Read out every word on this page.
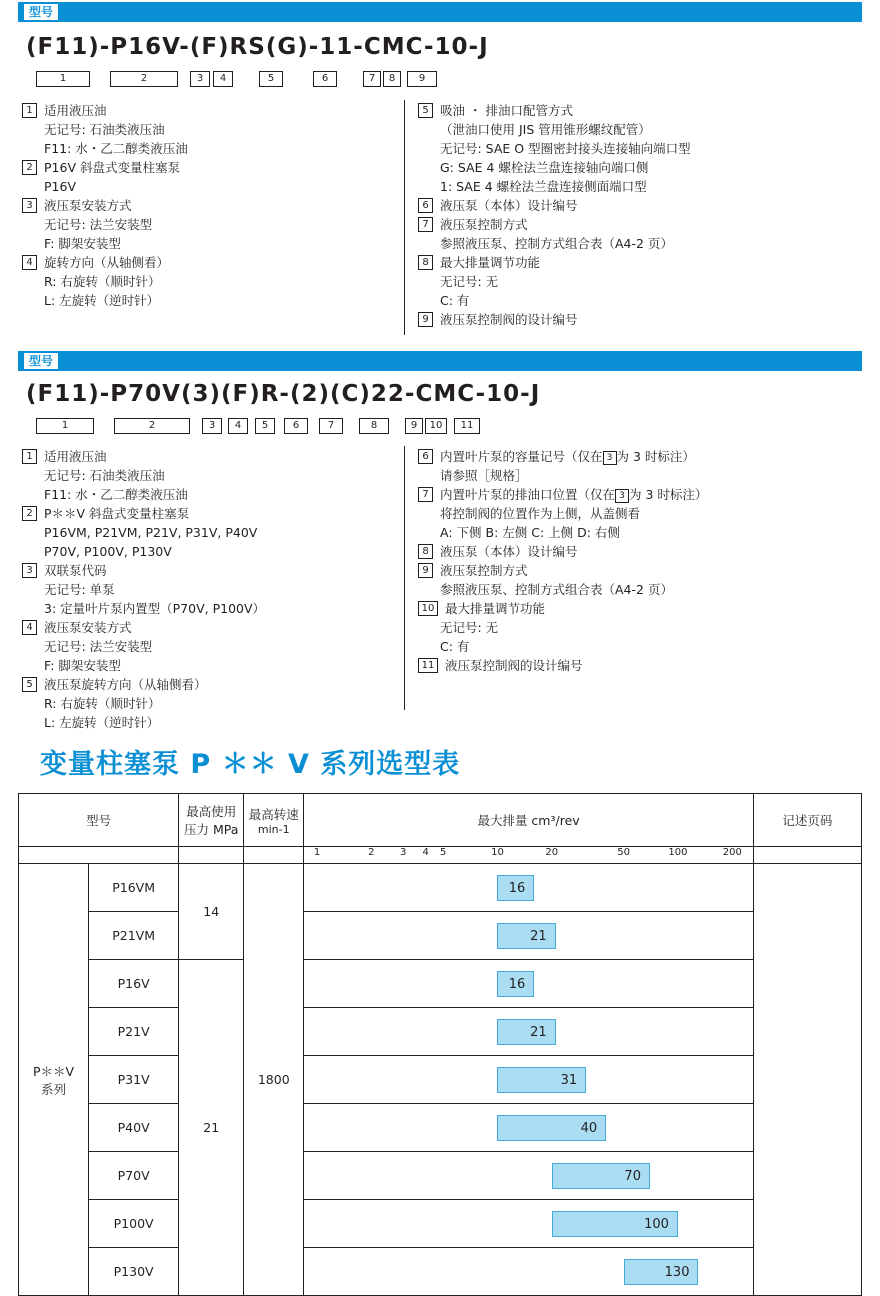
型号
(F11)-P16V-(F)RS(G)-11-CMC-10-J
1	2	3	4	5	6	7	8	9
1 适用液压油
无记号: 石油类液压油
F11: 水・乙二醇类液压油
2 P16V 斜盘式变量柱塞泵
P16V
3 液压泵安装方式
无记号: 法兰安装型
F: 脚架安装型
4 旋转方向（从轴侧看）
R: 右旋转（顺时针）
L: 左旋转（逆时针）
5 吸油 ・ 排油口配管方式
（泄油口使用 JIS 管用锥形螺纹配管）
无记号: SAE O 型圈密封接头连接轴向端口型
G: SAE 4 螺栓法兰盘连接轴向端口侧
1: SAE 4 螺栓法兰盘连接侧面端口型
6 液压泵（本体）设计编号
7 液压泵控制方式
参照液压泵、控制方式组合表（A4-2 页）
8 最大排量调节功能
无记号: 无
C: 有
9 液压泵控制阀的设计编号
型号
(F11)-P70V(3)(F)R-(2)(C)22-CMC-10-J
1	2	3	4	5	6	7	8	9	10	11
1 适用液压油
无记号: 石油类液压油
F11: 水・乙二醇类液压油
2 P＊＊V 斜盘式变量柱塞泵
P16VM, P21VM, P21V, P31V, P40V
P70V, P100V, P130V
3 双联泵代码
无记号: 单泵
3: 定量叶片泵内置型（P70V, P100V）
4 液压泵安装方式
无记号: 法兰安装型
F: 脚架安装型
5 液压泵旋转方向（从轴侧看）
R: 右旋转（顺时针）
L: 左旋转（逆时针）
6 内置叶片泵的容量记号（仅在 3 为 3 时标注）
请参照［规格］
7 内置叶片泵的排油口位置（仅在 3 为 3 时标注）
将控制阀的位置作为上侧，从盖侧看
A: 下侧 B: 左侧 C: 上侧 D: 右侧
8 液压泵（本体）设计编号
9 液压泵控制方式
参照液压泵、控制方式组合表（A4-2 页）
10 最大排量调节功能
无记号: 无
C: 有
11 液压泵控制阀的设计编号
变量柱塞泵 P ＊＊ V 系列选型表
型号	
最高使用
压力 MPa

最高转速
min-1

最大排量 cm³/rev	记述页码

1	2	3 4 5	10	20	50	100	200

P＊＊V
系列	P16VM	14	1800	16	

	P21VM			21	

	P16V	21		16	

	P21V			21	

	P31V			31	

	P40V			40	

	P70V			70	

	P100V			100	

	P130V			130	
